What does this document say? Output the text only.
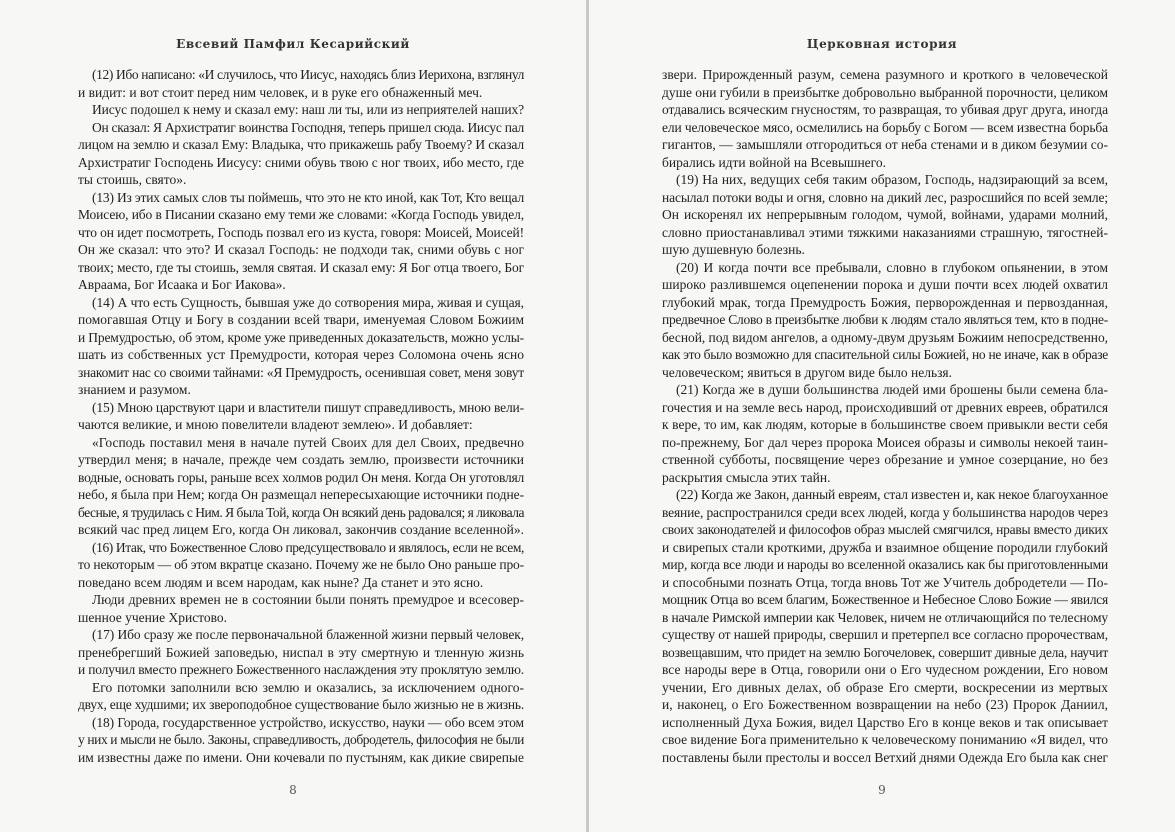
Евсевий Памфил Кесарийский
(12) Ибо написано: «И случилось, что Иисус, находясь близ Иерихона, взглянул
и видит: и вот стоит перед ним человек, и в руке его обнаженный меч.
Иисус подошел к нему и сказал ему: наш ли ты, или из неприятелей наших?
Он сказал: Я Архистратиг воинства Господня, теперь пришел сюда. Иисус пал
лицом на землю и сказал Ему: Владыка, что прикажешь рабу Твоему? И сказал
Архистратиг Господень Иисусу: сними обувь твою с ног твоих, ибо место, где
ты стоишь, свято».
(13) Из этих самых слов ты поймешь, что это не кто иной, как Тот, Кто вещал
Моисею, ибо в Писании сказано ему теми же словами: «Когда Господь увидел,
что он идет посмотреть, Господь позвал его из куста, говоря: Моисей, Моисей!
Он же сказал: что это? И сказал Господь: не подходи так, сними обувь с ног
твоих; место, где ты стоишь, земля святая. И сказал ему: Я Бог отца твоего, Бог
Авраама, Бог Исаака и Бог Иакова».
(14) А что есть Сущность, бывшая уже до сотворения мира, живая и сущая,
помогавшая Отцу и Богу в создании всей твари, именуемая Словом Божиим
и Премудростью, об этом, кроме уже приведенных доказательств, можно услы-
шать из собственных уст Премудрости, которая через Соломона очень ясно
знакомит нас со своими тайнами: «Я Премудрость, осенившая совет, меня зовут
знанием и разумом.
(15) Мною царствуют цари и властители пишут справедливость, мною вели-
чаются великие, и мною повелители владеют землею». И добавляет:
«Господь поставил меня в начале путей Своих для дел Своих, предвечно
утвердил меня; в начале, прежде чем создать землю, произвести источники
водные, основать горы, раньше всех холмов родил Он меня. Когда Он уготовлял
небо, я была при Нем; когда Он размещал непересыхающие источники подне-
бесные, я трудилась с Ним. Я была Той, когда Он всякий день радовался; я ликовала
всякий час пред лицем Его, когда Он ликовал, закончив создание вселенной».
(16) Итак, что Божественное Слово предсуществовало и являлось, если не всем,
то некоторым — об этом вкратце сказано. Почему же не было Оно раньше про-
поведано всем людям и всем народам, как ныне? Да станет и это ясно.
Люди древних времен не в состоянии были понять премудрое и всесовер-
шенное учение Христово.
(17) Ибо сразу же после первоначальной блаженной жизни первый человек,
пренебрегший Божией заповедью, ниспал в эту смертную и тленную жизнь
и получил вместо прежнего Божественного наслаждения эту проклятую землю.
Его потомки заполнили всю землю и оказались, за исключением одного-
двух, еще худшими; их звероподобное существование было жизнью не в жизнь.
(18) Города, государственное устройство, искусство, науки — обо всем этом
у них и мысли не было. Законы, справедливость, добродетель, философия не были
им известны даже по имени. Они кочевали по пустыням, как дикие свирепые
8
Церковная история
звери. Прирожденный разум, семена разумного и кроткого в человеческой
душе они губили в преизбытке добровольно выбранной порочности, целиком
отдавались всяческим гнусностям, то развращая, то убивая друг друга, иногда
ели человеческое мясо, осмелились на борьбу с Богом — всем известна борьба
гигантов, — замышляли отгородиться от неба стенами и в диком безумии со-
бирались идти войной на Всевышнего.
(19) На них, ведущих себя таким образом, Господь, надзирающий за всем,
насылал потоки воды и огня, словно на дикий лес, разросшийся по всей земле;
Он искоренял их непрерывным голодом, чумой, войнами, ударами молний,
словно приостанавливал этими тяжкими наказаниями страшную, тягостней-
шую душевную болезнь.
(20) И когда почти все пребывали, словно в глубоком опьянении, в этом
широко разлившемся оцепенении порока и души почти всех людей охватил
глубокий мрак, тогда Премудрость Божия, перворожденная и первозданная,
предвечное Слово в преизбытке любви к людям стало являться тем, кто в подне-
бесной, под видом ангелов, а одному-двум друзьям Божиим непосредственно,
как это было возможно для спасительной силы Божией, но не иначе, как в образе
человеческом; явиться в другом виде было нельзя.
(21) Когда же в души большинства людей ими брошены были семена бла-
гочестия и на земле весь народ, происходивший от древних евреев, обратился
к вере, то им, как людям, которые в большинстве своем привыкли вести себя
по-прежнему, Бог дал через пророка Моисея образы и символы некоей таин-
ственной субботы, посвящение через обрезание и умное созерцание, но без
раскрытия смысла этих тайн.
(22) Когда же Закон, данный евреям, стал известен и, как некое благоуханное
веяние, распространился среди всех людей, когда у большинства народов через
своих законодателей и философов образ мыслей смягчился, нравы вместо диких
и свирепых стали кроткими, дружба и взаимное общение породили глубокий
мир, когда все люди и народы во вселенной оказались как бы приготовленными
и способными познать Отца, тогда вновь Тот же Учитель добродетели — По-
мощник Отца во всем благим, Божественное и Небесное Слово Божие — явился
в начале Римской империи как Человек, ничем не отличающийся по телесному
существу от нашей природы, свершил и претерпел все согласно пророчествам,
возвещавшим, что придет на землю Богочеловек, совершит дивные дела, научит
все народы вере в Отца, говорили они о Его чудесном рождении, Его новом
учении, Его дивных делах, об образе Его смерти, воскресении из мертвых
и, наконец, о Его Божественном возвращении на небо (23) Пророк Даниил,
исполненный Духа Божия, видел Царство Его в конце веков и так описывает
свое видение Бога применительно к человеческому пониманию «Я видел, что
поставлены были престолы и воссел Ветхий днями Одежда Его была как снег
9
